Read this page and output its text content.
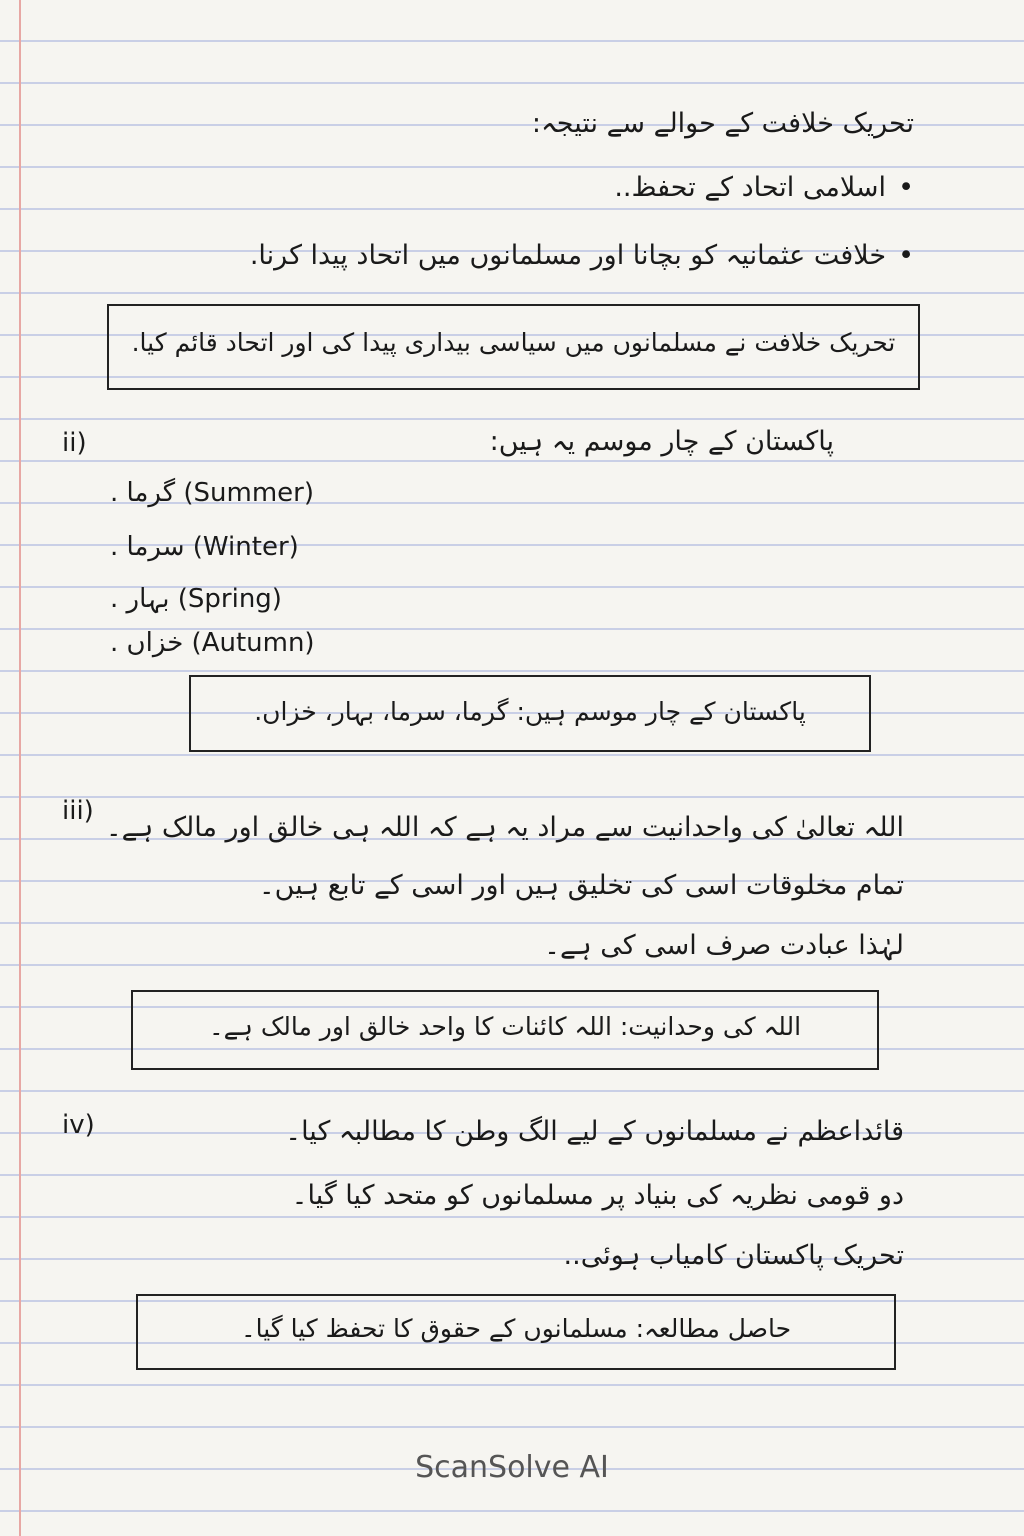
تحریک خلافت کے حوالے سے نتیجہ:
• اسلامی اتحاد کے تحفظ..
• خلافت عثمانیہ کو بچانا اور مسلمانوں میں اتحاد پیدا کرنا.
تحریک خلافت نے مسلمانوں میں سیاسی بیداری پیدا کی اور اتحاد قائم کیا.
ii)	پاکستان کے چار موسم یہ ہیں:
. گرما (Summer)
. سرما (Winter)
. بہار (Spring)
. خزاں (Autumn)
پاکستان کے چار موسم ہیں: گرما، سرما، بہار، خزاں.
iii)
اللہ تعالیٰ کی واحدانیت سے مراد یہ ہے کہ اللہ ہی خالق اور مالک ہے۔
تمام مخلوقات اسی کی تخلیق ہیں اور اسی کے تابع ہیں۔
لہٰذا عبادت صرف اسی کی ہے۔
اللہ کی وحدانیت: اللہ کائنات کا واحد خالق اور مالک ہے۔
iv)	قائداعظم نے مسلمانوں کے لیے الگ وطن کا مطالبہ کیا۔
دو قومی نظریہ کی بنیاد پر مسلمانوں کو متحد کیا گیا۔
تحریک پاکستان کامیاب ہوئی..
حاصل مطالعہ: مسلمانوں کے حقوق کا تحفظ کیا گیا۔
ScanSolve AI
